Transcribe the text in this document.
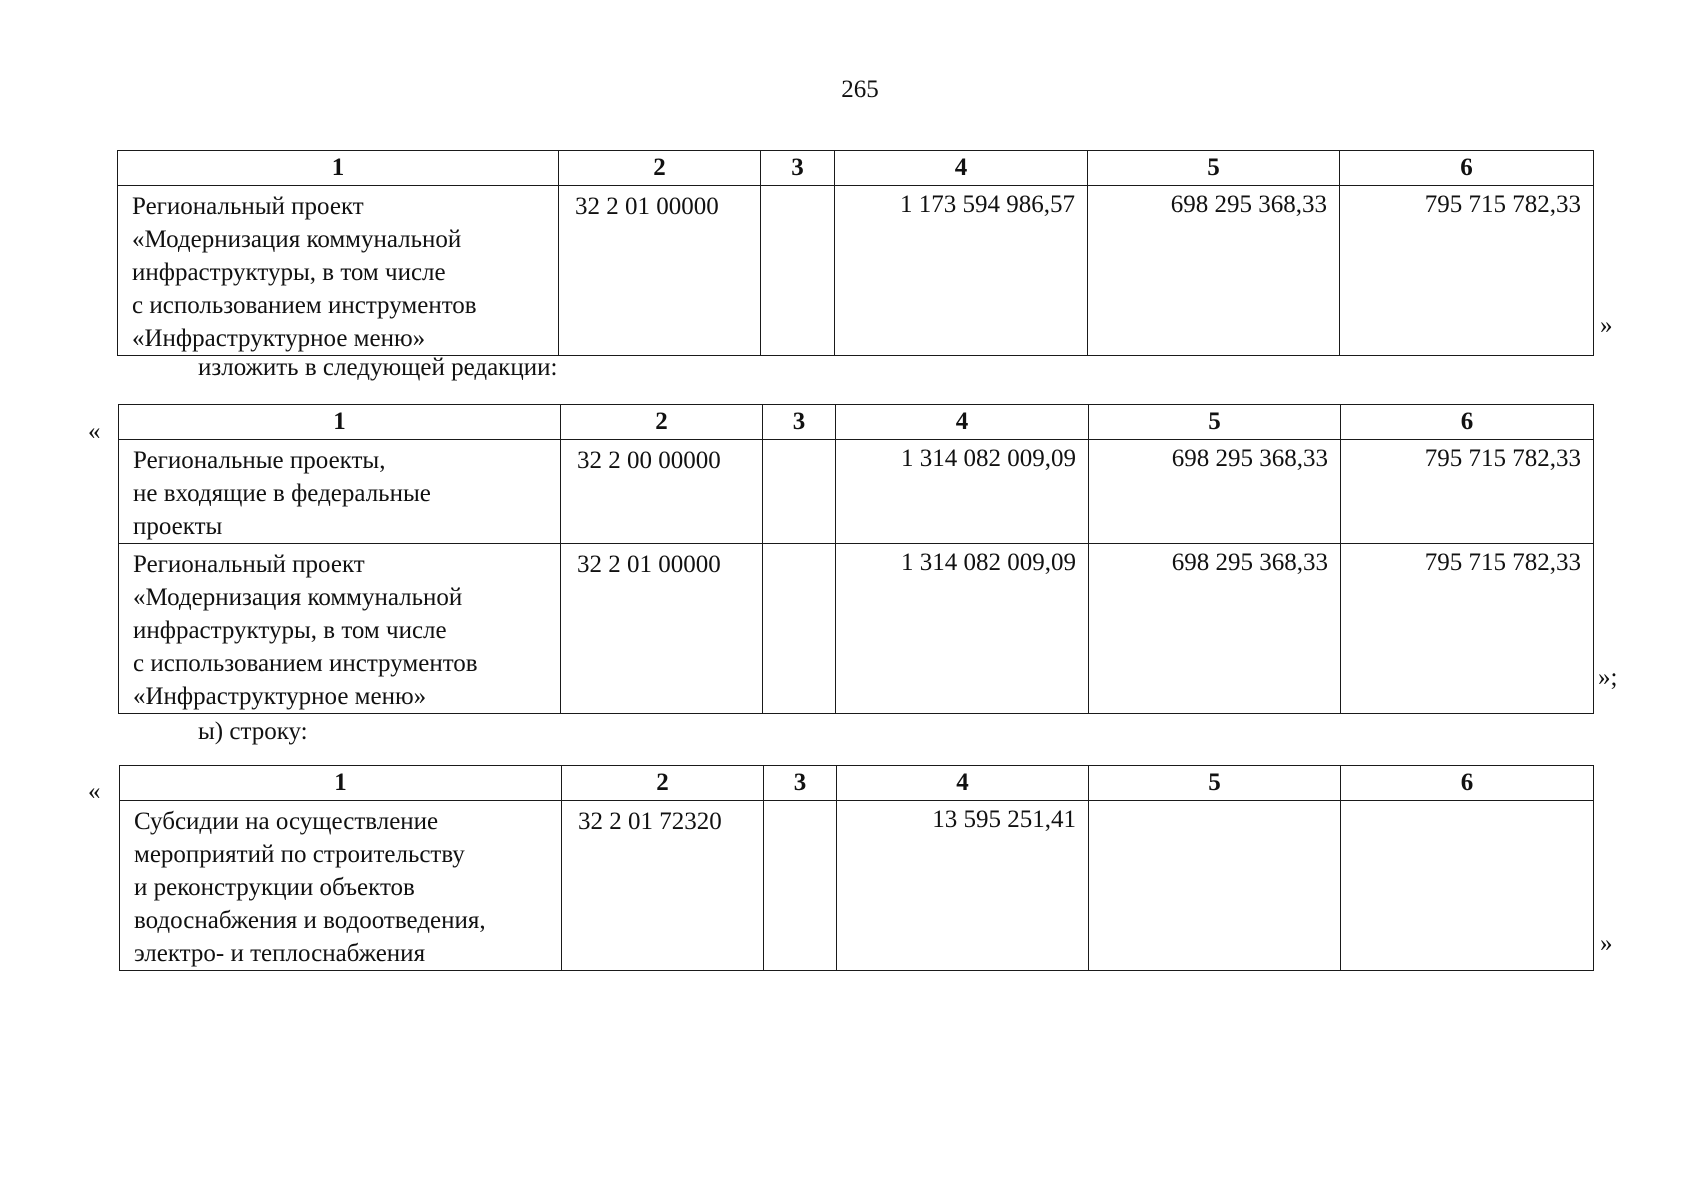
265
1	2	3	4	5	6

Региональный проект
«Модернизация коммунальной
инфраструктуры, в том числе
с использованием инструментов
«Инфраструктурное меню»	32 2 01 00000		1 173 594 986,57	698 295 368,33	795 715 782,33
»
изложить в следующей редакции:
«	1	2	3	4	5	6

Региональные проекты,
не входящие в федеральные
проекты	32 2 00 00000		1 314 082 009,09	698 295 368,33	795 715 782,33

Региональный проект
«Модернизация коммунальной
инфраструктуры, в том числе
с использованием инструментов
«Инфраструктурное меню»	32 2 01 00000		1 314 082 009,09	698 295 368,33	795 715 782,33
»;
ы) строку:
«	1	2	3	4	5	6

Субсидии на осуществление
мероприятий по строительству
и реконструкции объектов
водоснабжения и водоотведения,
электро- и теплоснабжения	32 2 01 72320		13 595 251,41		
»
